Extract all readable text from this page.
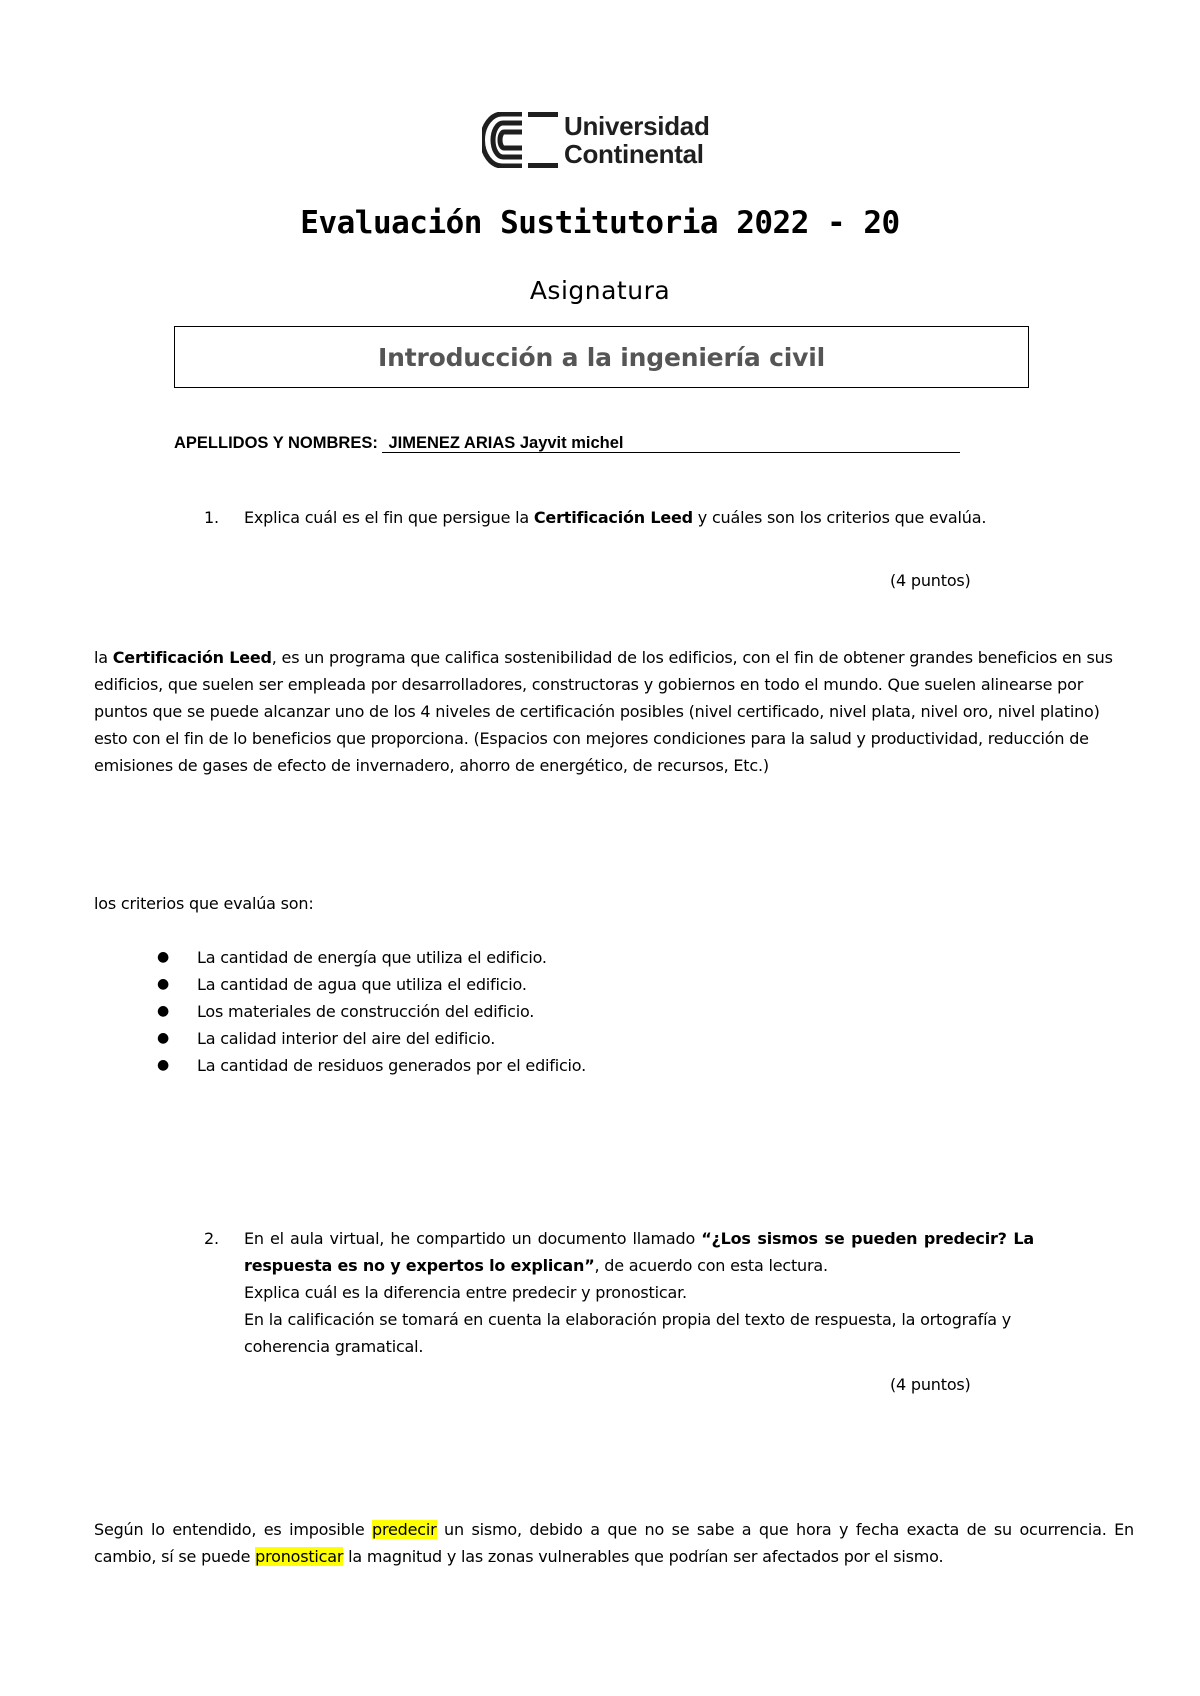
Universidad
Continental
Evaluación Sustitutoria 2022 - 20
Asignatura
Introducción a la ingeniería civil
APELLIDOS Y NOMBRES: JIMENEZ ARIAS Jayvit michel
1. Explica cuál es el fin que persigue la Certificación Leed y cuáles son los criterios que evalúa.
(4 puntos)
la Certificación Leed, es un programa que califica sostenibilidad de los edificios, con el fin de obtener grandes beneficios en sus edificios, que suelen ser empleada por desarrolladores, constructoras y gobiernos en todo el mundo. Que suelen alinearse por puntos que se puede alcanzar uno de los 4 niveles de certificación posibles (nivel certificado, nivel plata, nivel oro, nivel platino) esto con el fin de lo beneficios que proporciona. (Espacios con mejores condiciones para la salud y productividad, reducción de emisiones de gases de efecto de invernadero, ahorro de energético, de recursos, Etc.)
los criterios que evalúa son:
● La cantidad de energía que utiliza el edificio.
● La cantidad de agua que utiliza el edificio.
● Los materiales de construcción del edificio.
● La calidad interior del aire del edificio.
● La cantidad de residuos generados por el edificio.
2. En el aula virtual, he compartido un documento llamado “¿Los sismos se pueden predecir? La respuesta es no y expertos lo explican”, de acuerdo con esta lectura.
Explica cuál es la diferencia entre predecir y pronosticar.
En la calificación se tomará en cuenta la elaboración propia del texto de respuesta, la ortografía y coherencia gramatical.
(4 puntos)
Según lo entendido, es imposible predecir un sismo, debido a que no se sabe a que hora y fecha exacta de su ocurrencia. En cambio, sí se puede pronosticar la magnitud y las zonas vulnerables que podrían ser afectados por el sismo.
